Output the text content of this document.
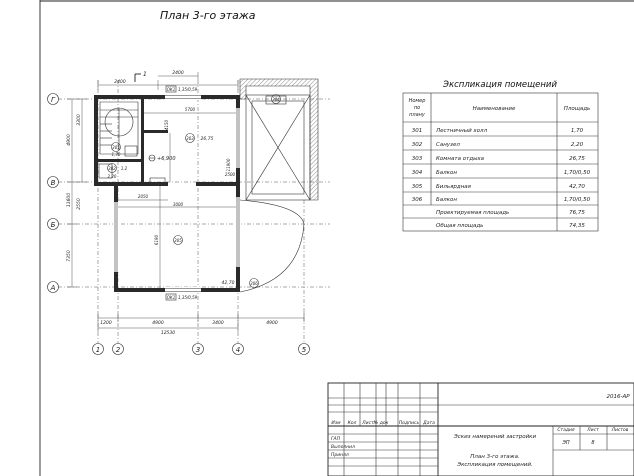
План 3-го этажа
Г
В
Б
А
1 2	3	4	5
301
1,70
302
2,20
303 26,75
305
42,70
304
306
+6,900
ОК1 1,35/0,59
ОК1 1,35/0,59
1
2400
2400
1200	4900	3400	4900
12530
4900
3300
11600 2550
7350
5700
4150
2050
3000
6190
11900
2500
1.2
Экспликация помещений
Номер
по
плану
Наименование	Площадь
301	Лестничный холл	1,70
302	Санузел	2,20
303	Комната отдыха	26,75
304	Балкон	1,70/0,50
305	Бильярдная	42,70
306	Балкон	1,70/0,50
Проектируемая площадь	76,75
Общая площадь	74,35
2016-АР
Изм Кол Лист № док Подпись Дата
ГАП
Выполнил
Принял
Эскиз намерений застройки
Стадия	Лист	Листов
ЭП	8
План 3-го этажа.
Экспликация помещений.
